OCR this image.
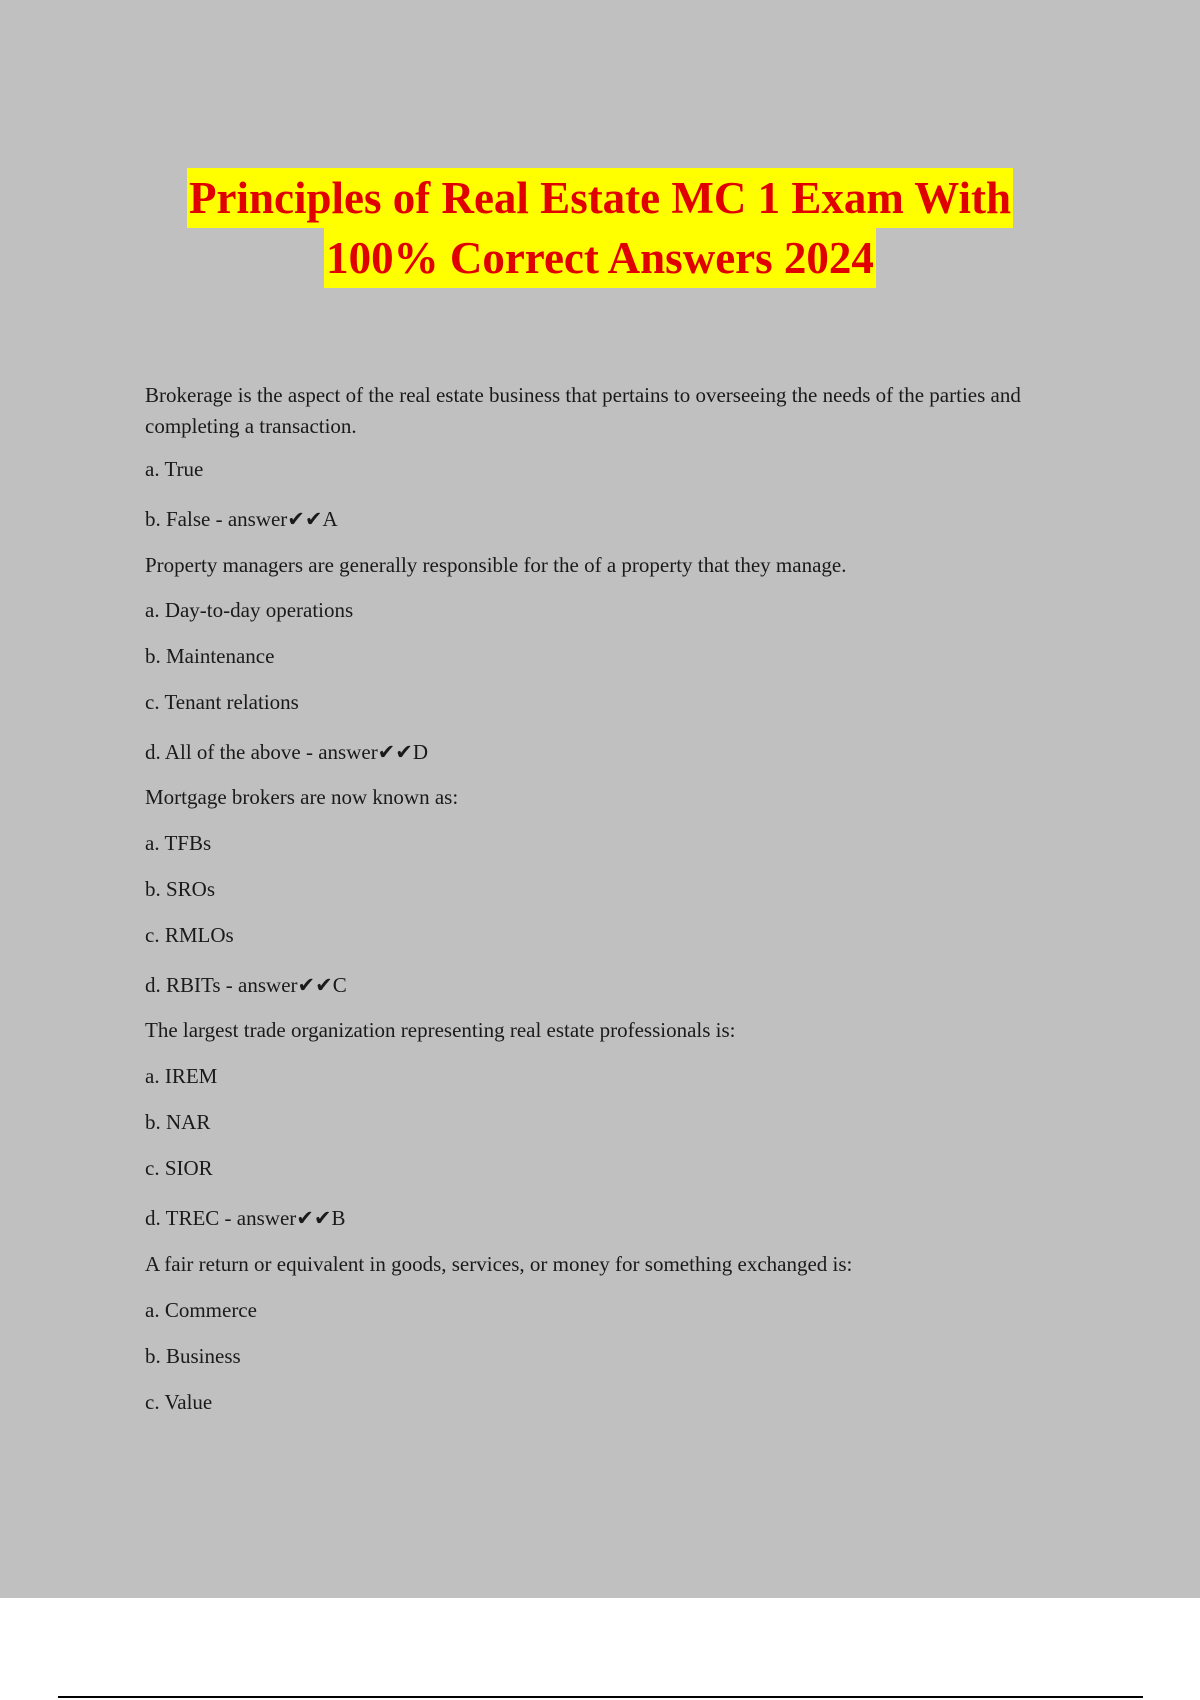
Principles of Real Estate MC 1 Exam With
100% Correct Answers 2024

Brokerage is the aspect of the real estate business that pertains to overseeing the needs of the parties and completing a transaction.

a. True

b. False - answer✔✔A

Property managers are generally responsible for the of a property that they manage.

a. Day-to-day operations

b. Maintenance

c. Tenant relations

d. All of the above - answer✔✔D

Mortgage brokers are now known as:

a. TFBs

b. SROs

c. RMLOs

d. RBITs - answer✔✔C

The largest trade organization representing real estate professionals is:

a. IREM

b. NAR

c. SIOR

d. TREC - answer✔✔B

A fair return or equivalent in goods, services, or money for something exchanged is:

a. Commerce

b. Business

c. Value
